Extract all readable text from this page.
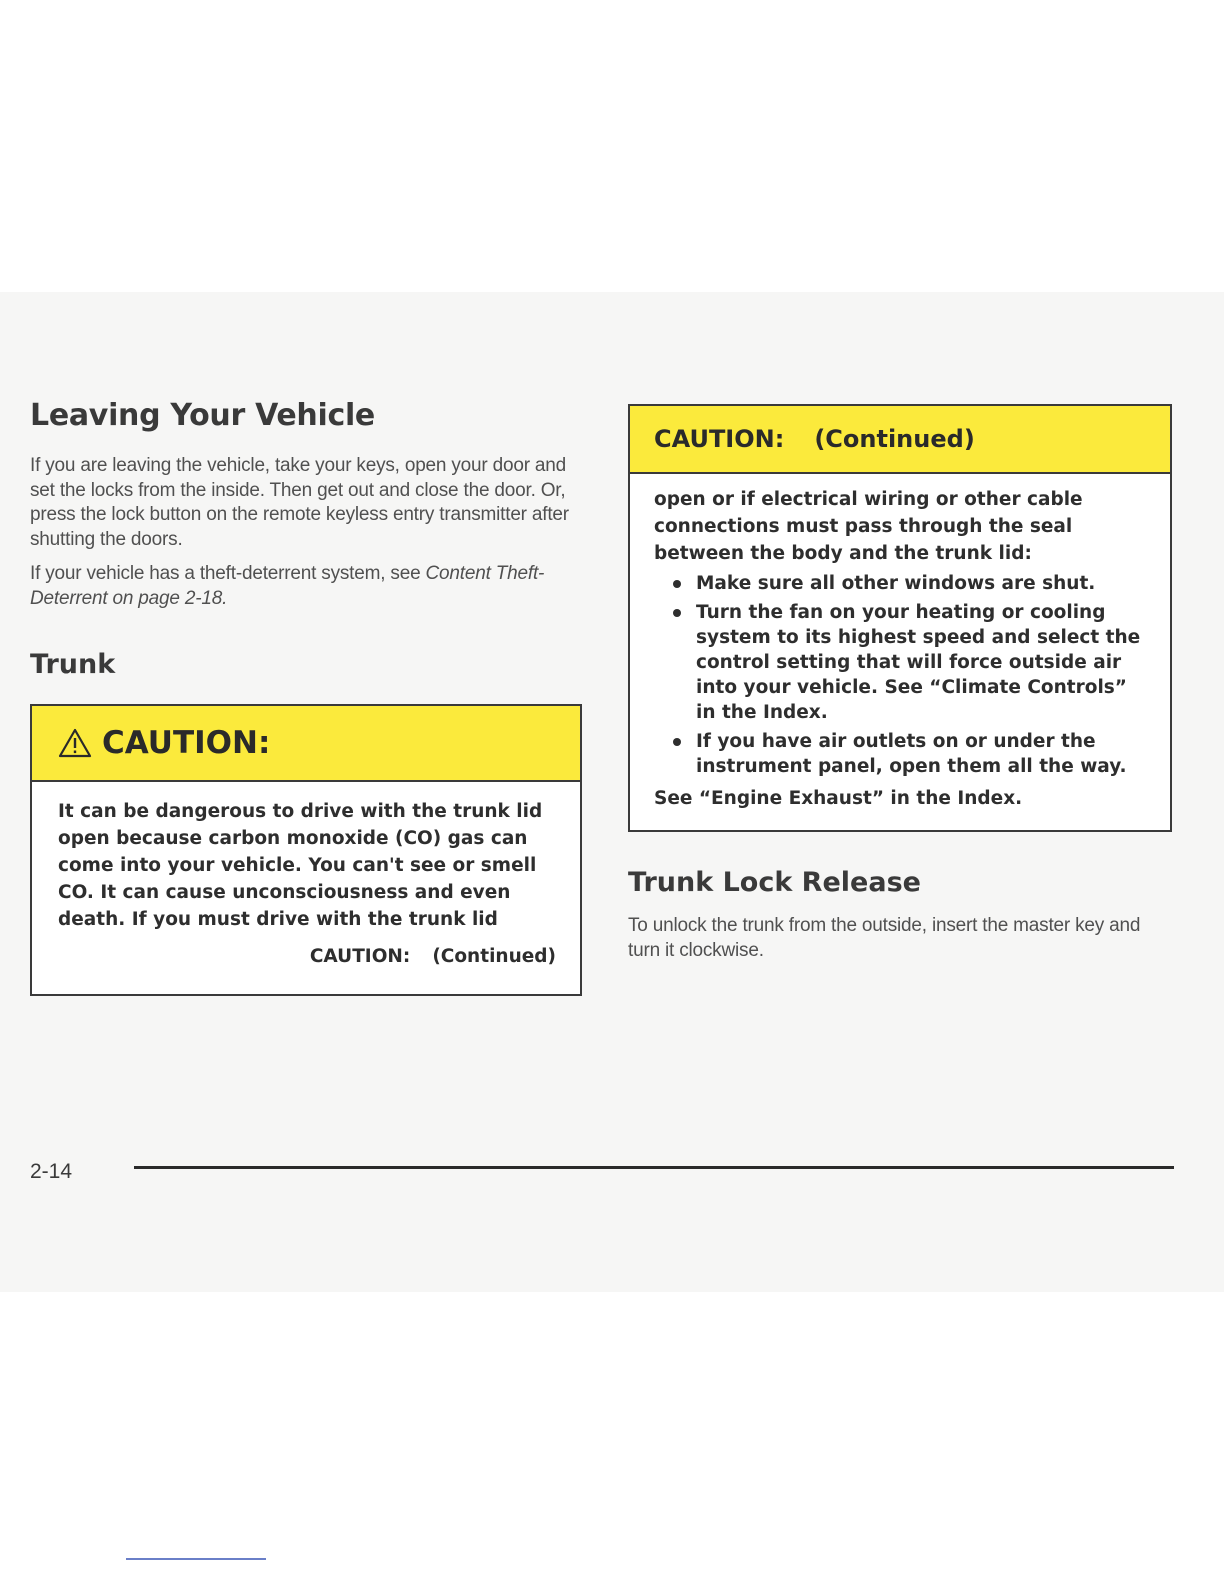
Leaving Your Vehicle

If you are leaving the vehicle, take your keys, open your door and set the locks from the inside. Then get out and close the door. Or, press the lock button on the remote keyless entry transmitter after shutting the doors.

If your vehicle has a theft-deterrent system, see Content Theft-Deterrent on page 2-18.

Trunk
CAUTION:
It can be dangerous to drive with the trunk lid open because carbon monoxide (CO) gas can come into your vehicle. You can't see or smell CO. It can cause unconsciousness and even death. If you must drive with the trunk lid
CAUTION: (Continued)
CAUTION: (Continued)
open or if electrical wiring or other cable connections must pass through the seal between the body and the trunk lid:
Make sure all other windows are shut.
Turn the fan on your heating or cooling system to its highest speed and select the control setting that will force outside air into your vehicle. See “Climate Controls” in the Index.
If you have air outlets on or under the instrument panel, open them all the way.
See “Engine Exhaust” in the Index.
Trunk Lock Release

To unlock the trunk from the outside, insert the master key and turn it clockwise.

2-14
